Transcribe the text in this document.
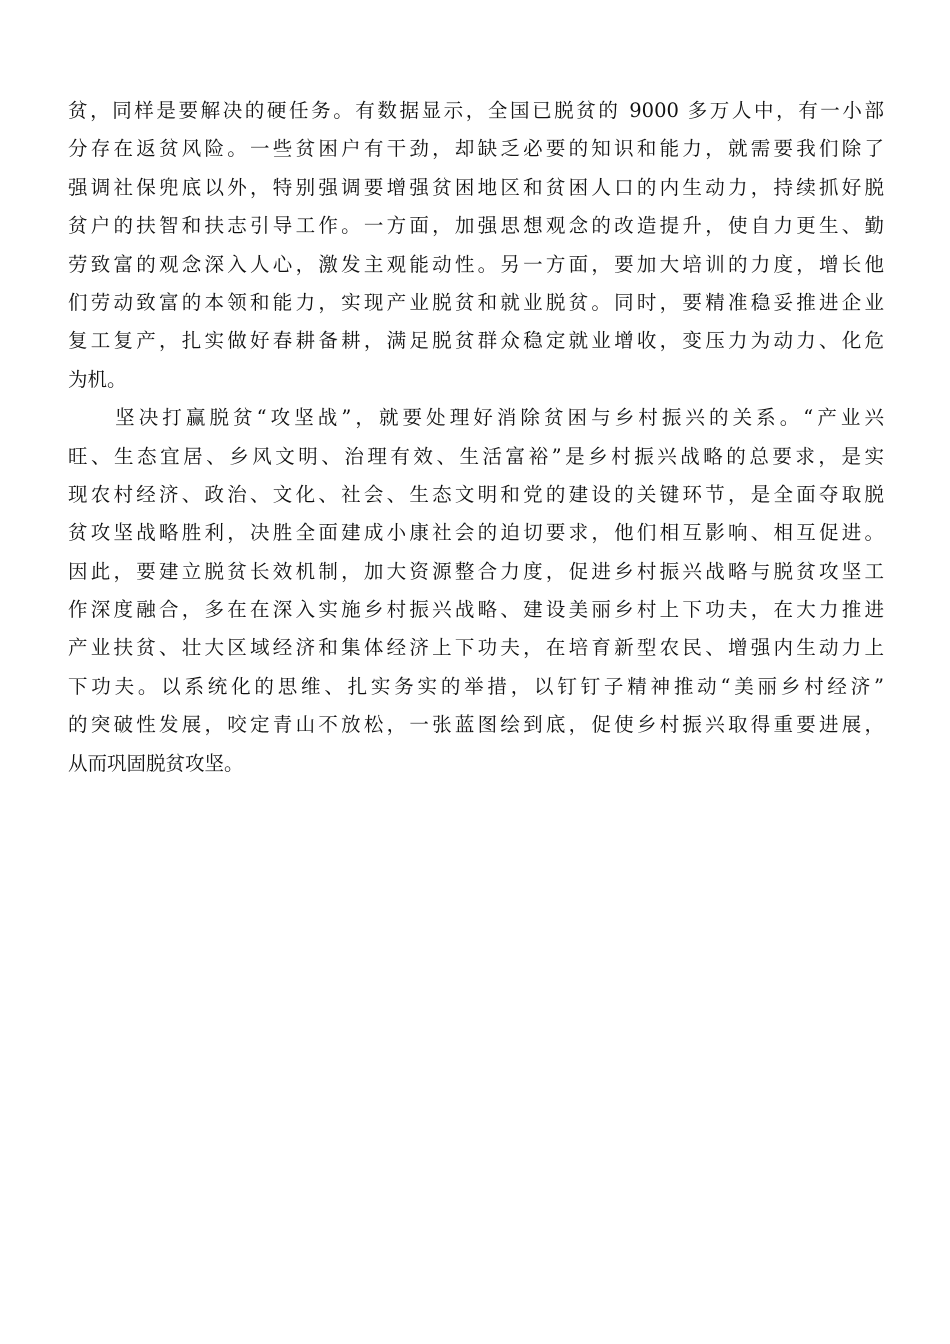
贫，同样是要解决的硬任务。有数据显示，全国已脱贫的 9000 多万人中，有一小部
分存在返贫风险。一些贫困户有干劲，却缺乏必要的知识和能力，就需要我们除了
强调社保兜底以外，特别强调要增强贫困地区和贫困人口的内生动力，持续抓好脱
贫户的扶智和扶志引导工作。一方面，加强思想观念的改造提升，使自力更生、勤
劳致富的观念深入人心，激发主观能动性。另一方面，要加大培训的力度，增长他
们劳动致富的本领和能力，实现产业脱贫和就业脱贫。同时，要精准稳妥推进企业
复工复产，扎实做好春耕备耕，满足脱贫群众稳定就业增收，变压力为动力、化危
为机。
　　坚决打赢脱贫“攻坚战”，就要处理好消除贫困与乡村振兴的关系。“产业兴
旺、生态宜居、乡风文明、治理有效、生活富裕”是乡村振兴战略的总要求，是实
现农村经济、政治、文化、社会、生态文明和党的建设的关键环节，是全面夺取脱
贫攻坚战略胜利，决胜全面建成小康社会的迫切要求，他们相互影响、相互促进。
因此，要建立脱贫长效机制，加大资源整合力度，促进乡村振兴战略与脱贫攻坚工
作深度融合，多在在深入实施乡村振兴战略、建设美丽乡村上下功夫，在大力推进
产业扶贫、壮大区域经济和集体经济上下功夫，在培育新型农民、增强内生动力上
下功夫。以系统化的思维、扎实务实的举措，以钉钉子精神推动“美丽乡村经济”
的突破性发展，咬定青山不放松，一张蓝图绘到底，促使乡村振兴取得重要进展，
从而巩固脱贫攻坚。
